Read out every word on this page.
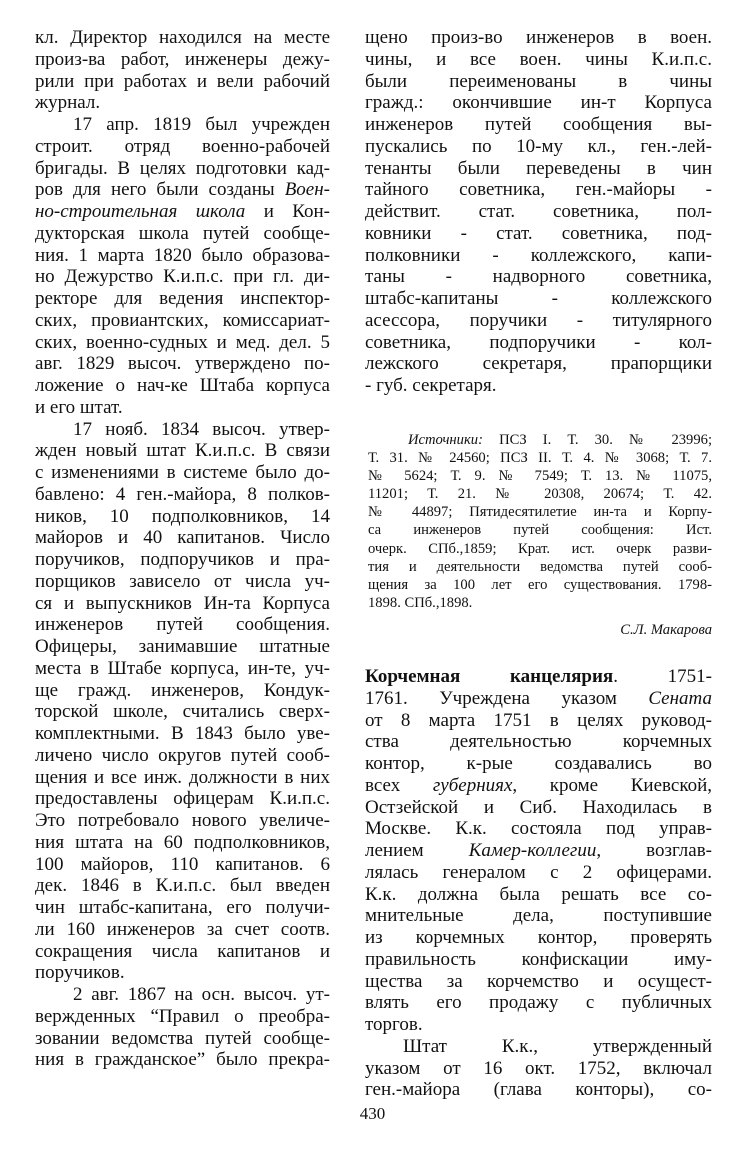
кл. Директор находился на месте
произ-ва работ, инженеры дежу-
рили при работах и вели рабочий
журнал.
17 апр. 1819 был учрежден
строит. отряд военно-рабочей
бригады. В целях подготовки кад-
ров для него были созданы Воен-
но-строительная школа и Кон-
дукторская школа путей сообще-
ния. 1 марта 1820 было образова-
но Дежурство К.и.п.с. при гл. ди-
ректоре для ведения инспектор-
ских, провиантских, комиссариат-
ских, военно-судных и мед. дел. 5
авг. 1829 высоч. утверждено по-
ложение о нач-ке Штаба корпуса
и его штат.
17 нояб. 1834 высоч. утвер-
жден новый штат К.и.п.с. В связи
с изменениями в системе было до-
бавлено: 4 ген.-майора, 8 полков-
ников, 10 подполковников, 14
майоров и 40 капитанов. Число
поручиков, подпоручиков и пра-
порщиков зависело от числа уч-
ся и выпускников Ин-та Корпуса
инженеров путей сообщения.
Офицеры, занимавшие штатные
места в Штабе корпуса, ин-те, уч-
ще гражд. инженеров, Кондук-
торской школе, считались сверх-
комплектными. В 1843 было уве-
личено число округов путей сооб-
щения и все инж. должности в них
предоставлены офицерам К.и.п.с.
Это потребовало нового увеличе-
ния штата на 60 подполковников,
100 майоров, 110 капитанов. 6
дек. 1846 в К.и.п.с. был введен
чин штабс-капитана, его получи-
ли 160 инженеров за счет соотв.
сокращения числа капитанов и
поручиков.
2 авг. 1867 на осн. высоч. ут-
вержденных “Правил о преобра-
зовании ведомства путей сообще-
ния в гражданское” было прекра-
щено произ-во инженеров в воен.
чины, и все воен. чины К.и.п.с.
были переименованы в чины
гражд.: окончившие ин-т Корпуса
инженеров путей сообщения вы-
пускались по 10-му кл., ген.-лей-
тенанты были переведены в чин
тайного советника, ген.-майоры -
действит. стат. советника, пол-
ковники - стат. советника, под-
полковники - коллежского, капи-
таны - надворного советника,
штабс-капитаны - коллежского
асессора, поручики - титулярного
советника, подпоручики - кол-
лежского секретаря, прапорщики
- губ. секретаря.
Источники: ПСЗ I. Т. 30. № 23996;
Т. 31. № 24560; ПСЗ II. Т. 4. № 3068; Т. 7.
№ 5624; Т. 9. № 7549; Т. 13. № 11075,
11201; Т. 21. № 20308, 20674; Т. 42.
№ 44897; Пятидесятилетие ин-та и Корпу-
са инженеров путей сообщения: Ист.
очерк. СПб.,1859; Крат. ист. очерк разви-
тия и деятельности ведомства путей сооб-
щения за 100 лет его существования. 1798-
1898. СПб.,1898.
С.Л. Макарова
Корчемная канцелярия. 1751-
1761. Учреждена указом Сената
от 8 марта 1751 в целях руковод-
ства деятельностью корчемных
контор, к-рые создавались во
всех губерниях, кроме Киевской,
Остзейской и Сиб. Находилась в
Москве. К.к. состояла под управ-
лением Камер-коллегии, возглав-
лялась генералом с 2 офицерами.
К.к. должна была решать все со-
мнительные дела, поступившие
из корчемных контор, проверять
правильность конфискации иму-
щества за корчемство и осущест-
влять его продажу с публичных
торгов.
Штат К.к., утвержденный
указом от 16 окт. 1752, включал
ген.-майора (глава конторы), со-
430
